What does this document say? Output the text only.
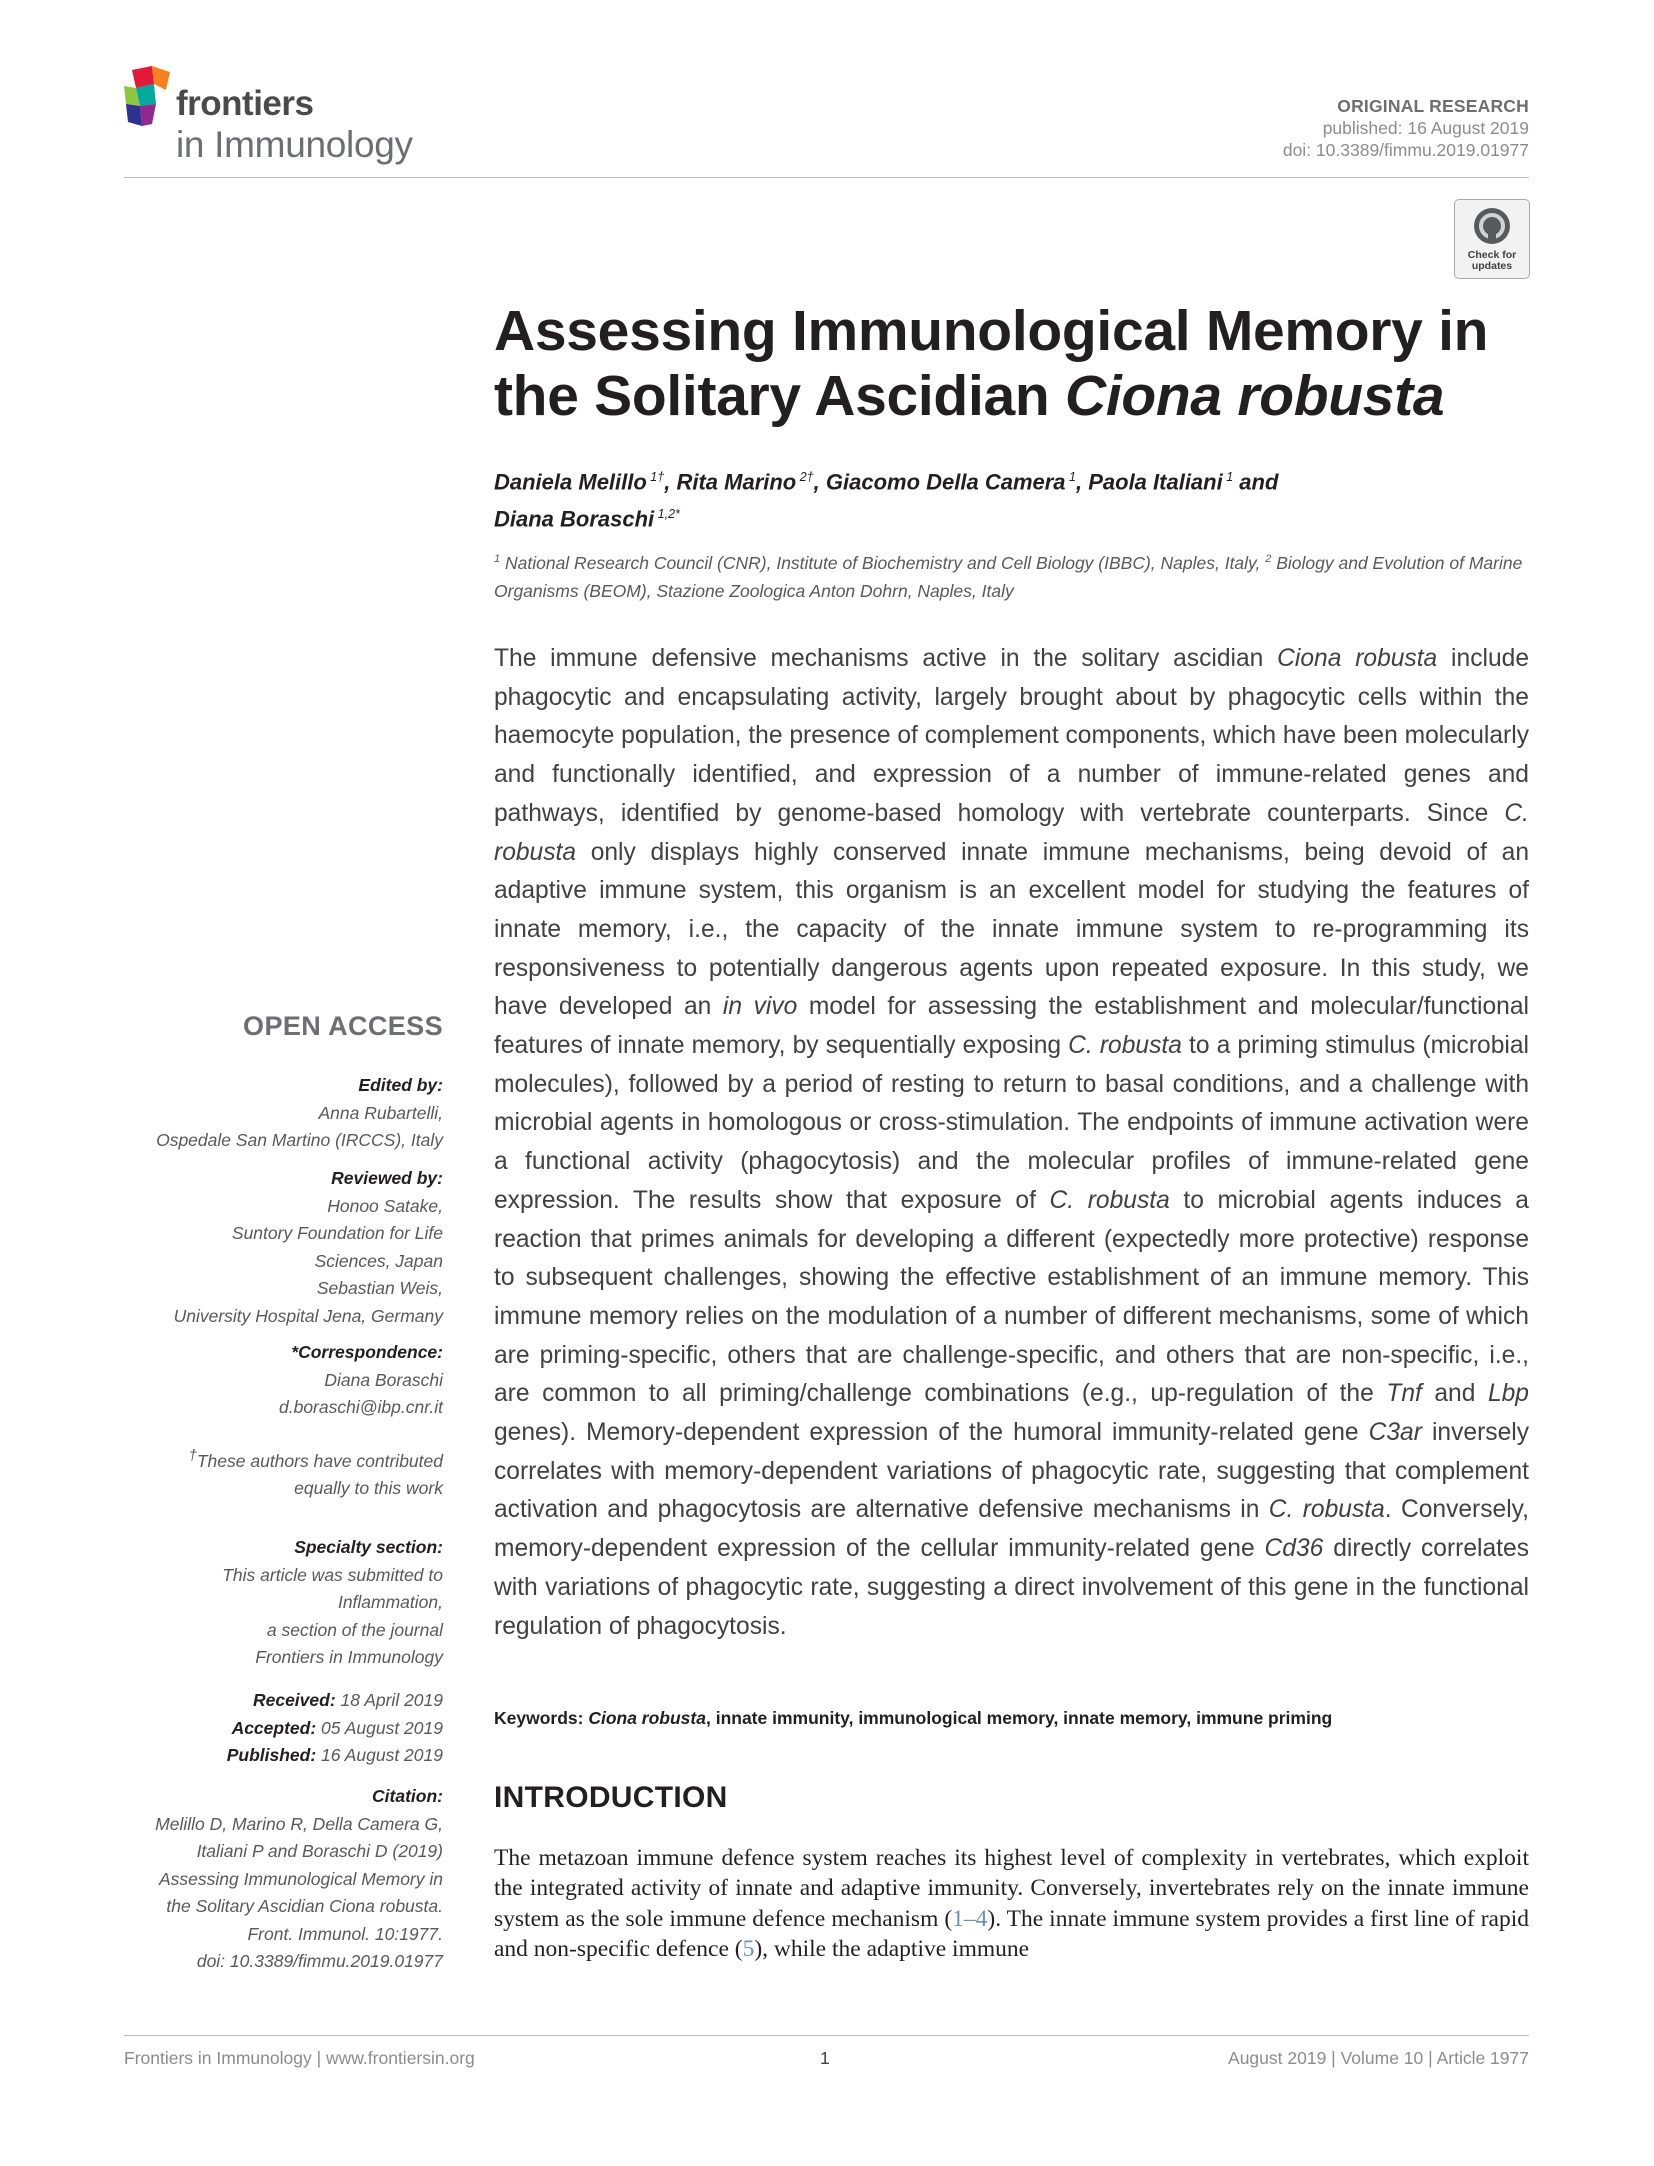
frontiers
in Immunology
ORIGINAL RESEARCH
published: 16 August 2019
doi: 10.3389/fimmu.2019.01977
Check for
updates
Assessing Immunological Memory in the Solitary Ascidian Ciona robusta
Daniela Melillo $^{1\dagger}$, Rita Marino $^{2\dagger}$, Giacomo Della Camera $^1$, Paola Italiani $^1$ and
Diana Boraschi $^{1,2*}$
$^1$ National Research Council (CNR), Institute of Biochemistry and Cell Biology (IBBC), Naples, Italy, $^2$ Biology and Evolution of Marine Organisms (BEOM), Stazione Zoologica Anton Dohrn, Naples, Italy
The immune defensive mechanisms active in the solitary ascidian Ciona robusta include phagocytic and encapsulating activity, largely brought about by phagocytic cells within the haemocyte population, the presence of complement components, which have been molecularly and functionally identified, and expression of a number of immune-related genes and pathways, identified by genome-based homology with vertebrate counterparts. Since C. robusta only displays highly conserved innate immune mechanisms, being devoid of an adaptive immune system, this organism is an excellent model for studying the features of innate memory, i.e., the capacity of the innate immune system to re-programming its responsiveness to potentially dangerous agents upon repeated exposure. In this study, we have developed an in vivo model for assessing the establishment and molecular/functional features of innate memory, by sequentially exposing C. robusta to a priming stimulus (microbial molecules), followed by a period of resting to return to basal conditions, and a challenge with microbial agents in homologous or cross-stimulation. The endpoints of immune activation were a functional activity (phagocytosis) and the molecular profiles of immune-related gene expression. The results show that exposure of C. robusta to microbial agents induces a reaction that primes animals for developing a different (expectedly more protective) response to subsequent challenges, showing the effective establishment of an immune memory. This immune memory relies on the modulation of a number of different mechanisms, some of which are priming-specific, others that are challenge-specific, and others that are non-specific, i.e., are common to all priming/challenge combinations (e.g., up-regulation of the Tnf and Lbp genes). Memory-dependent expression of the humoral immunity-related gene C3ar inversely correlates with memory-dependent variations of phagocytic rate, suggesting that complement activation and phagocytosis are alternative defensive mechanisms in C. robusta. Conversely, memory-dependent expression of the cellular immunity-related gene Cd36 directly correlates with variations of phagocytic rate, suggesting a direct involvement of this gene in the functional regulation of phagocytosis.
Keywords: Ciona robusta, innate immunity, immunological memory, innate memory, immune priming
INTRODUCTION
The metazoan immune defence system reaches its highest level of complexity in vertebrates, which exploit the integrated activity of innate and adaptive immunity. Conversely, invertebrates rely on the innate immune system as the sole immune defence mechanism (1–4). The innate immune system provides a first line of rapid and non-specific defence (5), while the adaptive immune
OPEN ACCESS
Edited by:
Anna Rubartelli,
Ospedale San Martino (IRCCS), Italy
Reviewed by:
Honoo Satake,
Suntory Foundation for Life
Sciences, Japan
Sebastian Weis,
University Hospital Jena, Germany
*Correspondence:
Diana Boraschi
d.boraschi@ibp.cnr.it
†These authors have contributed
equally to this work
Specialty section:
This article was submitted to
Inflammation,
a section of the journal
Frontiers in Immunology
Received: 18 April 2019
Accepted: 05 August 2019
Published: 16 August 2019
Citation:
Melillo D, Marino R, Della Camera G,
Italiani P and Boraschi D (2019)
Assessing Immunological Memory in
the Solitary Ascidian Ciona robusta.
Front. Immunol. 10:1977.
doi: 10.3389/fimmu.2019.01977
Frontiers in Immunology | www.frontiersin.org	1	August 2019 | Volume 10 | Article 1977
